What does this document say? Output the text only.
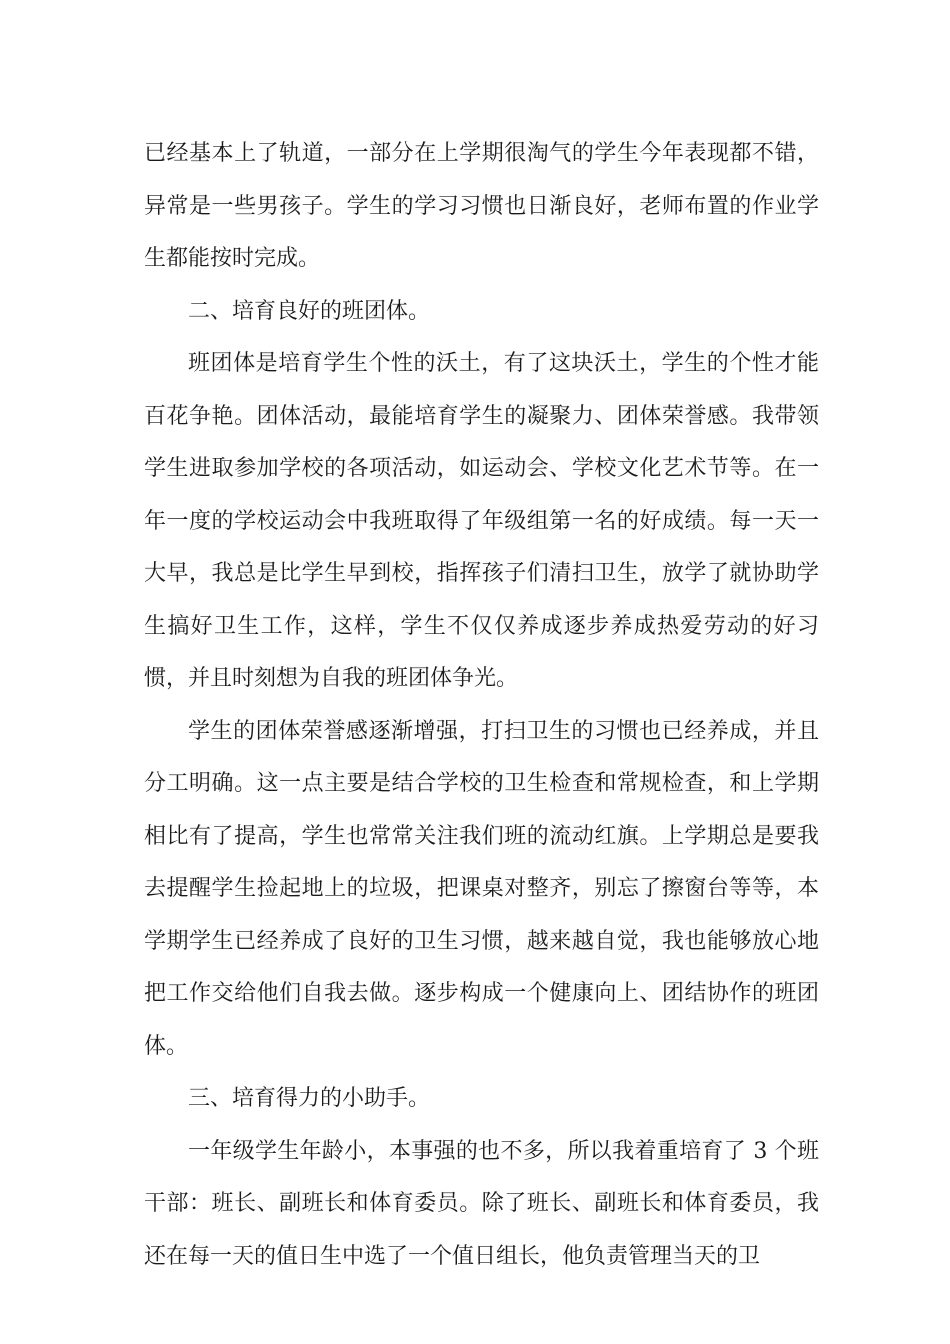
已经基本上了轨道，一部分在上学期很淘气的学生今年表现都不错，异常是一些男孩子。学生的学习习惯也日渐良好，老师布置的作业学生都能按时完成。

二、培育良好的班团体。

班团体是培育学生个性的沃土，有了这块沃土，学生的个性才能百花争艳。团体活动，最能培育学生的凝聚力、团体荣誉感。我带领学生进取参加学校的各项活动，如运动会、学校文化艺术节等。在一年一度的学校运动会中我班取得了年级组第一名的好成绩。每一天一大早，我总是比学生早到校，指挥孩子们清扫卫生，放学了就协助学生搞好卫生工作，这样，学生不仅仅养成逐步养成热爱劳动的好习惯，并且时刻想为自我的班团体争光。

学生的团体荣誉感逐渐增强，打扫卫生的习惯也已经养成，并且分工明确。这一点主要是结合学校的卫生检查和常规检查，和上学期相比有了提高，学生也常常关注我们班的流动红旗。上学期总是要我去提醒学生捡起地上的垃圾，把课桌对整齐，别忘了擦窗台等等，本学期学生已经养成了良好的卫生习惯，越来越自觉，我也能够放心地把工作交给他们自我去做。逐步构成一个健康向上、团结协作的班团体。

三、培育得力的小助手。

一年级学生年龄小，本事强的也不多，所以我着重培育了 3 个班干部：班长、副班长和体育委员。除了班长、副班长和体育委员，我还在每一天的值日生中选了一个值日组长，他负责管理当天的卫
